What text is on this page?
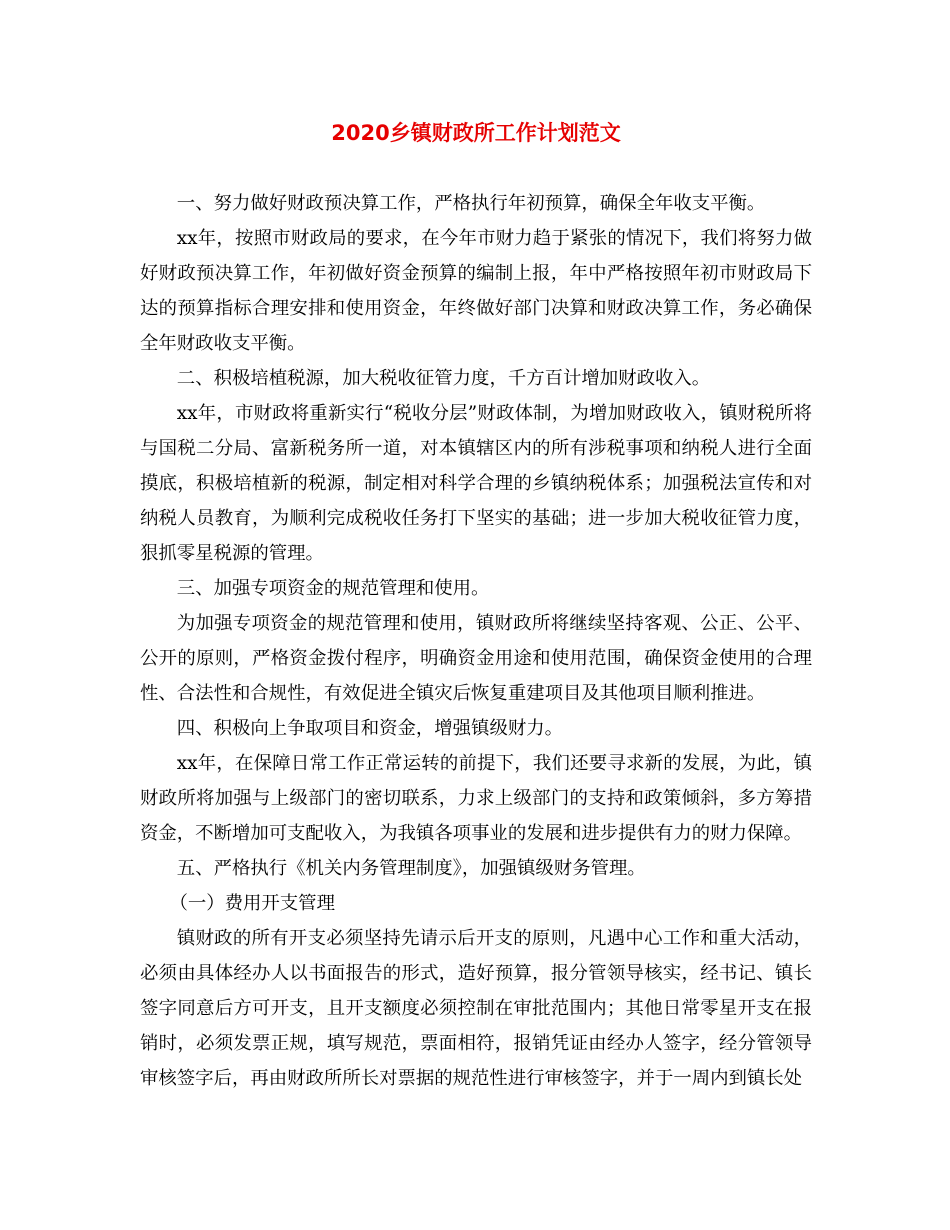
2020乡镇财政所工作计划范文

一、努力做好财政预决算工作，严格执行年初预算，确保全年收支平衡。

xx年，按照市财政局的要求，在今年市财力趋于紧张的情况下，我们将努力做好财政预决算工作，年初做好资金预算的编制上报，年中严格按照年初市财政局下达的预算指标合理安排和使用资金，年终做好部门决算和财政决算工作，务必确保全年财政收支平衡。

二、积极培植税源，加大税收征管力度，千方百计增加财政收入。

xx年，市财政将重新实行“税收分层”财政体制，为增加财政收入，镇财税所将与国税二分局、富新税务所一道，对本镇辖区内的所有涉税事项和纳税人进行全面摸底，积极培植新的税源，制定相对科学合理的乡镇纳税体系；加强税法宣传和对纳税人员教育，为顺利完成税收任务打下坚实的基础；进一步加大税收征管力度，狠抓零星税源的管理。

三、加强专项资金的规范管理和使用。

为加强专项资金的规范管理和使用，镇财政所将继续坚持客观、公正、公平、公开的原则，严格资金拨付程序，明确资金用途和使用范围，确保资金使用的合理性、合法性和合规性，有效促进全镇灾后恢复重建项目及其他项目顺利推进。

四、积极向上争取项目和资金，增强镇级财力。

xx年，在保障日常工作正常运转的前提下，我们还要寻求新的发展，为此，镇财政所将加强与上级部门的密切联系，力求上级部门的支持和政策倾斜，多方筹措资金，不断增加可支配收入，为我镇各项事业的发展和进步提供有力的财力保障。

五、严格执行《机关内务管理制度》，加强镇级财务管理。

（一）费用开支管理

镇财政的所有开支必须坚持先请示后开支的原则，凡遇中心工作和重大活动，必须由具体经办人以书面报告的形式，造好预算，报分管领导核实，经书记、镇长签字同意后方可开支，且开支额度必须控制在审批范围内；其他日常零星开支在报销时，必须发票正规，填写规范，票面相符，报销凭证由经办人签字，经分管领导审核签字后，再由财政所所长对票据的规范性进行审核签字，并于一周内到镇长处
